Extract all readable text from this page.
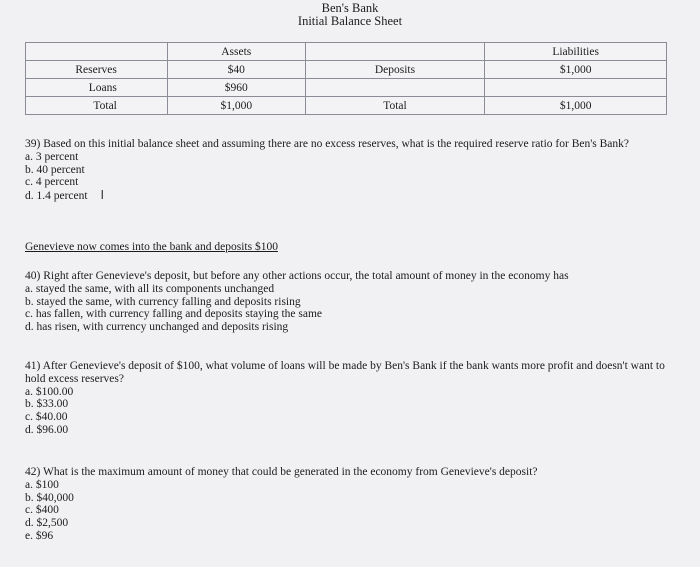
Ben's Bank
Initial Balance Sheet
	Assets		Liabilities
Reserves	$40	Deposits	$1,000
Loans	$960		
Total	$1,000	Total	$1,000
39) Based on this initial balance sheet and assuming there are no excess reserves, what is the required reserve ratio for Ben's Bank?
a. 3 percent
b. 40 percent
c. 4 percent
d. 1.4 percent I
Genevieve now comes into the bank and deposits $100
40) Right after Genevieve's deposit, but before any other actions occur, the total amount of money in the economy has
a. stayed the same, with all its components unchanged
b. stayed the same, with currency falling and deposits rising
c. has fallen, with currency falling and deposits staying the same
d. has risen, with currency unchanged and deposits rising
41) After Genevieve's deposit of $100, what volume of loans will be made by Ben's Bank if the bank wants more profit and doesn't want to hold excess reserves?
a. $100.00
b. $33.00
c. $40.00
d. $96.00
42) What is the maximum amount of money that could be generated in the economy from Genevieve's deposit?
a. $100
b. $40,000
c. $400
d. $2,500
e. $96
